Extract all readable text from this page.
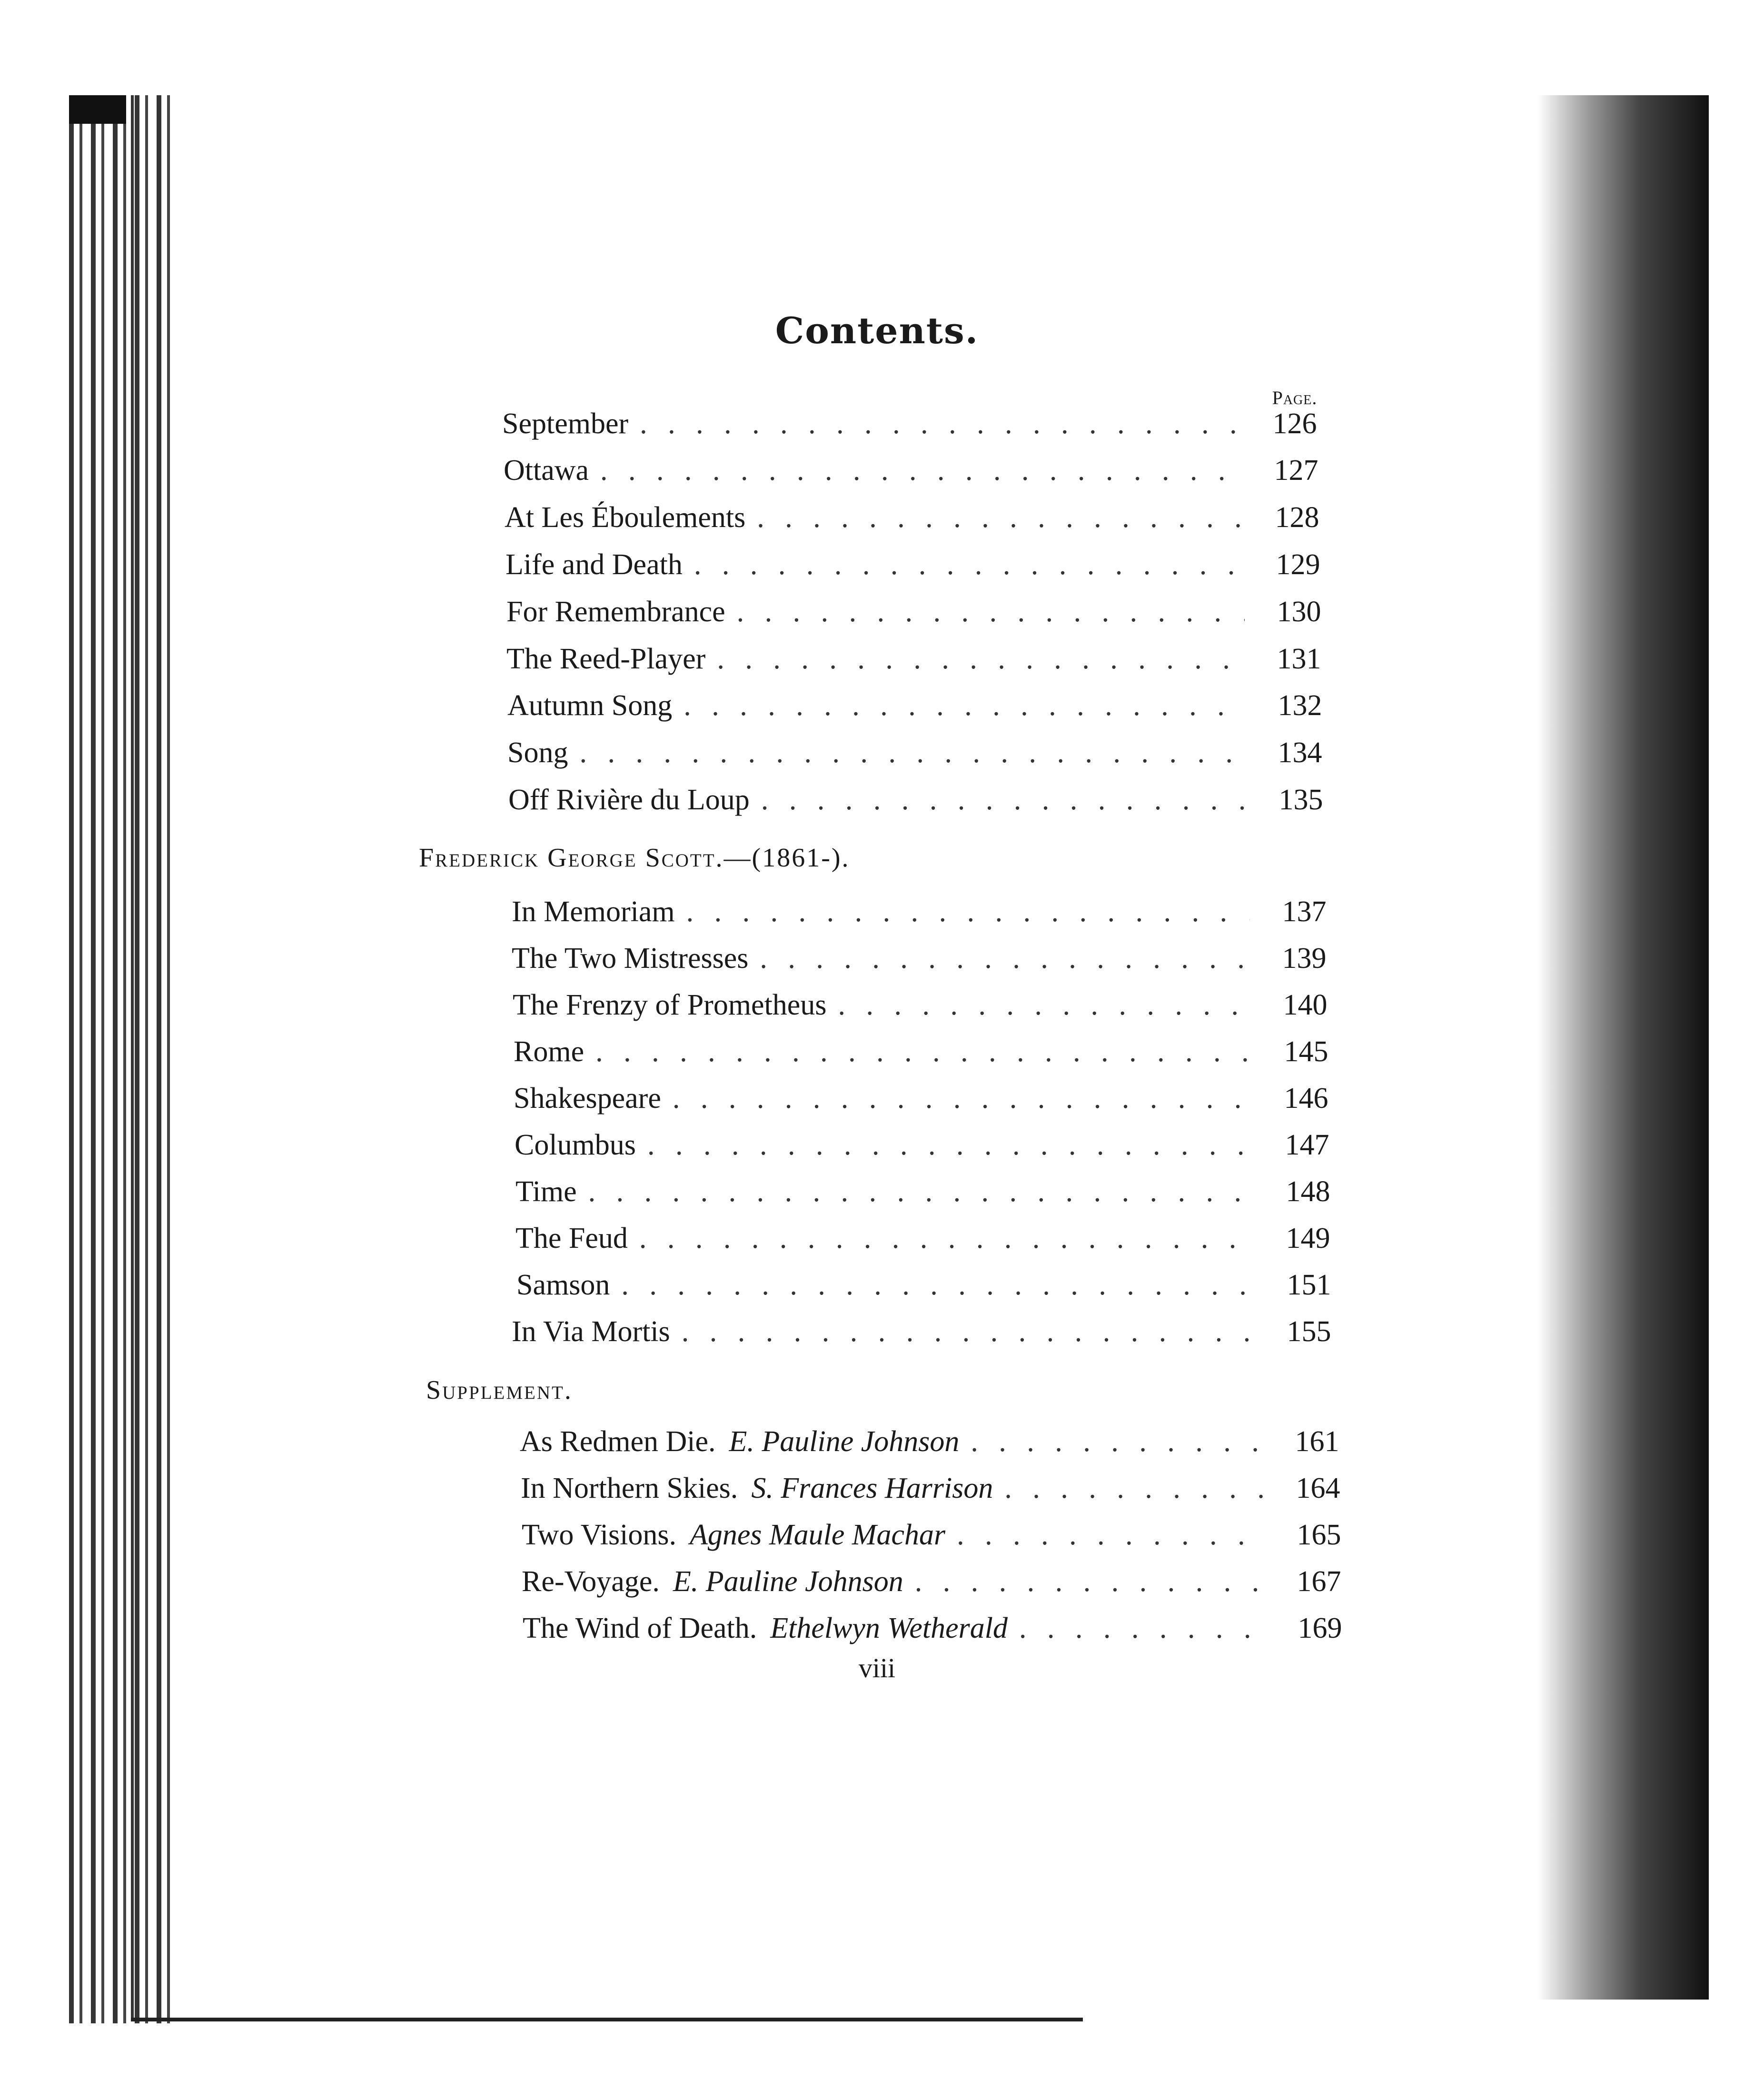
Contents.
Page.
September . . .	126
Ottawa . . .	127
At Les Éboulements . . .	128
Life and Death . . .	129
For Remembrance . . .	130
The Reed-Player . . .	131
Autumn Song . . .	132
Song . . .	134
Off Rivière du Loup . . .	135
Frederick George Scott.—(1861-).
In Memoriam . . .	137
The Two Mistresses . . .	139
The Frenzy of Prometheus . . .	140
Rome . . .	145
Shakespeare . . .	146
Columbus . . .	147
Time . . .	148
The Feud . . .	149
Samson . . .	151
In Via Mortis . . .	155
Supplement.
As Redmen Die. E. Pauline Johnson . . .	161
In Northern Skies. S. Frances Harrison . . .	164
Two Visions. Agnes Maule Machar . . .	165
Re-Voyage. E. Pauline Johnson . . .	167
The Wind of Death. Ethelwyn Wetherald . . .	169
viii
